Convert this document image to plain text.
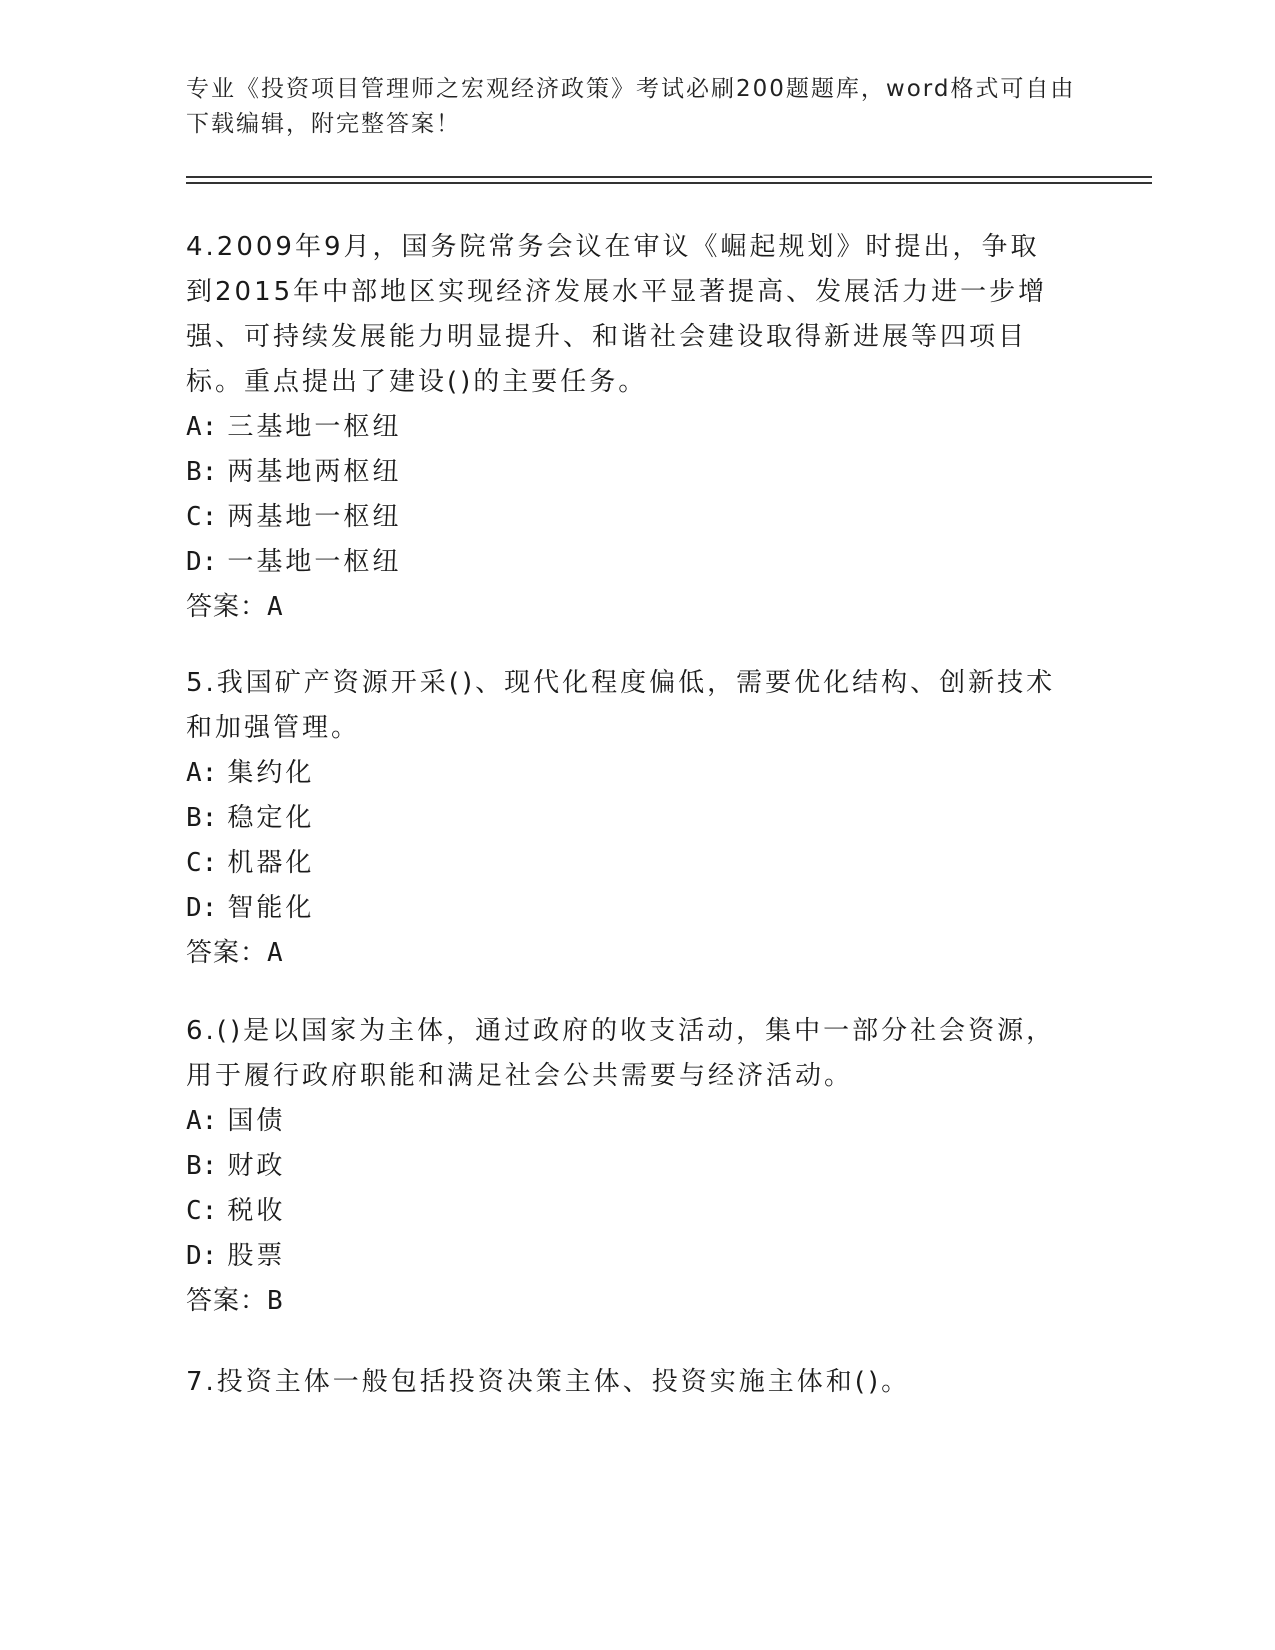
专业《投资项目管理师之宏观经济政策》考试必刷200题题库，word格式可自由下载编辑，附完整答案！

4.2009年9月，国务院常务会议在审议《崛起规划》时提出，争取到2015年中部地区实现经济发展水平显著提高、发展活力进一步增强、可持续发展能力明显提升、和谐社会建设取得新进展等四项目标。重点提出了建设()的主要任务。

A: 三基地一枢纽

B: 两基地两枢纽

C: 两基地一枢纽

D: 一基地一枢纽

答案：A

5.我国矿产资源开采()、现代化程度偏低，需要优化结构、创新技术和加强管理。

A: 集约化

B: 稳定化

C: 机器化

D: 智能化

答案：A

6.()是以国家为主体，通过政府的收支活动，集中一部分社会资源，用于履行政府职能和满足社会公共需要与经济活动。

A: 国债

B: 财政

C: 税收

D: 股票

答案：B

7.投资主体一般包括投资决策主体、投资实施主体和()。
